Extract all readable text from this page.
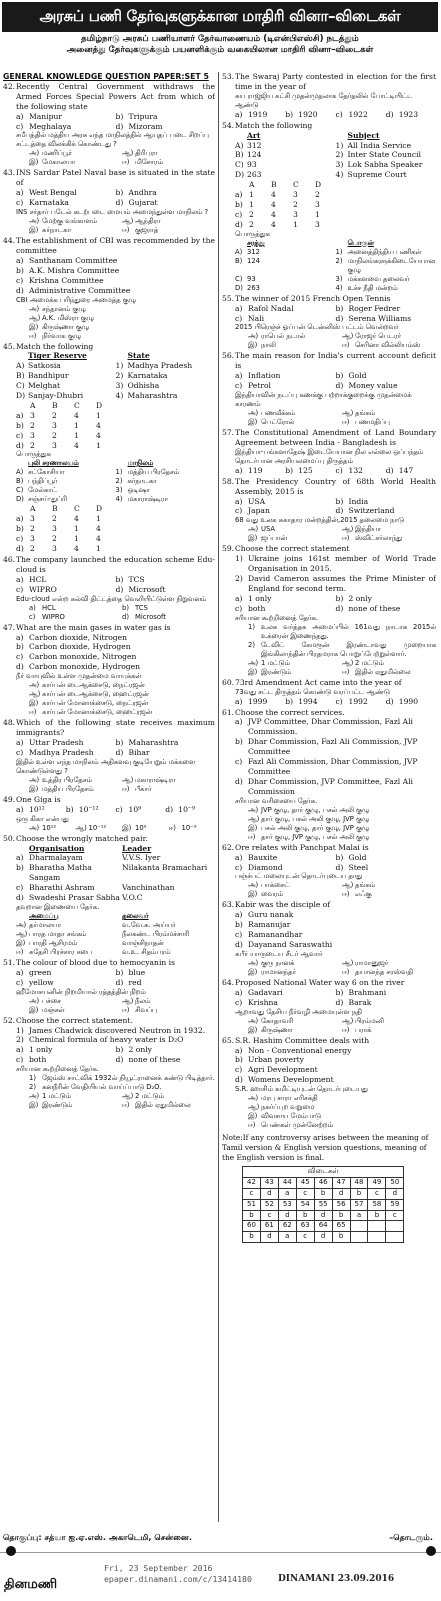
அரசுப் பணி தேர்வுகளுக்கான மாதிரி வினா–விடைகள்
தமிழ்நாடு அரசுப் பணியாளர் தேர்வாணையம் (டிஎன்பிஎஸ்சி) நடத்தும்
அனைத்து தேர்வுகளுக்கும் பயனளிக்கும் வகையிலான மாதிரி வினா–விடைகள்
GENERAL KNOWLEDGE QUESTION PAPER:SET 5
42. Recently Central Government withdraws the Armed Forces Special Powers Act from which of the following state
a) Manipur	b) Tripura
c) Meghalaya	d) Mizoram
சமீபத்தில் மத்திய அரசு எந்த மாநிலத்தில் ஆயுதப் படை சிறப்பு சட்டத்தை விலக்கிக் கொண்டது ?
அ) மணிப்பூர்	ஆ) திரிபுரா
இ) மேகாலயா	ஈ) மிசோரம்
43. INS Sardar Patel Naval base is situated in the state of
a) West Bengal	b) Andhra
c) Karnataka	d) Gujarat
INS சர்தார் படேல் கடற்படை மையம் அமைந்துள்ள மாநிலம் ?
அ) மேற்கு வங்காளம்	ஆ) ஆந்திரா
இ) கர்நாடகா	ஈ) குஜராத்
44. The establishment of CBI was recommended by the committee
a) Santhanam Committee
b) A.K. Mishra Committee
c) Krishna Committee
d) Administrative Committee
CBI அமைக்க பரிந்துரை அமைத்த குழு
அ) சந்தானம் குழு
ஆ) A.K. மிஸ்ரா குழு
இ) கிருஷ்ணா குழு
ஈ) நிர்வாக குழு
45. Match the following
Tiger Reserve	State
A) Satkosia	1) Madhya Pradesh
B) Bandhipur	2) Karnataka
C) Melghat	3) Odhisha
D) Sanjay-Dhubri	4) Maharashtra
A	B	C	D
a) 3	2	4	1
b) 2	3	1	4
c) 3	2	1	4
d) 2	3	4	1
பொருத்துக
புலி சரணாலயம்	மாநிலம்
A) சட்கோசியா	1) மத்திய பிரதேசம்
B) பந்திப்பூர்	2) கர்நாடகா
C) மேல்காட்	3) ஒடிஷா
D) சஞ்சய்-துப்ரி	4) மகாராஷ்டிரா
A	B	C	D
a) 3	2	4	1
b) 2	3	1	4
c) 3	2	1	4
d) 2	3	4	1
46. The company launched the education scheme Edu-cloud is
a) HCL	b) TCS
c) WIPRO	d) Microsoft
Edu-cloud என்ற கல்வி திட்டத்தை வெளியிட்டுள்ள நிறுவனம்
a) HCL	b) TCS
c) WIPRO	d) Microsoft
47. What are the main gases in water gas is
a) Carbon dioxide, Nitrogen
b) Carbon dioxide, Hydrogen
c) Carbon monoxide, Nitrogen
d) Carbon monoxide, Hydrogen
நீர் வாயுவில் உள்ள முதன்மை வாயுக்கள்
அ) கார்பன் டைஆக்சைடு, நைட்ரஜன்
ஆ) கார்பன் டைஆக்சைடு, ஹைட்ரஜன்
இ) கார்பன் மோனாக்சைடு, நைட்ரஜன்
ஈ) கார்பன் மோனாக்சைடு, ஹைட்ரஜன்
48. Which of the following state receives maximum immigrants?
a) Uttar Pradesh	b) Maharashtra
c) Madhya Pradesh	d) Bihar
இதில் உள்ள எந்த மாநிலம் அதிகளவு குடியேறும் மக்களை கொண்டுள்ளது ?
அ) உத்திர பிரதேசம்	ஆ) மகாராஷ்டிரா
இ) மத்திய பிரதேசம்	ஈ) பீகார்
49. One Giga is
a) 10¹²	b) 10⁻¹² c) 10⁹	d) 10⁻⁹
ஒரு கிகா என்பது
அ) 10¹²	ஆ) 10⁻¹² இ) 10⁹	ஈ) 10⁻⁹
50. Choose the wrongly matched pair.
Organisation	Leader
a) Dharmalayam	V.V.S. Iyer
b) Bharatha Matha Sangam
Nilakanta Bramachari
c) Bharathi Ashram	Vanchinathan
d) Swadeshi Prasar Sabha V.O.C
தவறான இணையை தேர்க.
அமைப்பு	தலைவர்
அ) தர்மாலயா	வ.வே.சு. அய்யர்
ஆ) பாரத மாதா சங்கம்	நீலகண்ட பிரம்மச்சாரி
இ) பாரதி ஆசிரமம்	வாஞ்சிநாதன்
ஈ) சுதேசி பிரச்சார சபை	வ.உ. சிதம்பரம்
51. The colour of blood due to hemocyanin is
a) green	b) blue
c) yellow	d) red
ஹீமோசயனின் நிறமியால் ரத்தத்தின் நிறம்
அ) பச்சை	ஆ) நீலம்
இ) மஞ்சள்	ஈ) சிவப்பு
52. Choose the correct statement.
1) James Chadwick discovered Neutron in 1932.
2) Chemical formula of heavy water is D₂O
a) 1 only	b) 2 only
c) both	d) none of these
சரியான கூற்றினைத் தேர்க.
1) ஜேம்ஸ் சாட்விக் 1932ல் நியூட்ரானைக் கண்டு பிடித்தார்.
2) கனநீரின் வேதியியல் வாய்ப்பாடு D₂O.
அ) 1 மட்டும்	ஆ) 2 மட்டும்
இ) இரண்டும்	ஈ) இதில் ஏதுமில்லை
53. The Swaraj Party contested in election for the first time in the year of
சுய ராஜ்ஜிய கட்சி முதன்முதலாக தேர்தலில் போட்டியிட்ட ஆண்டு
a) 1919 b) 1920 c) 1922 d) 1923
54. Match the following
Art	Subject
A) 312	1) All India Service
B) 124	2) Inter State Council
C) 93	3) Lok Sabha Speaker
D) 263	4) Supreme Court
A	B	C	D
a) 1	4	3	2
b) 1	4	2	3
c) 2	4	3	1
d) 2	4	1	3
பொருத்துக
சரத்து	பொருள்
A) 312	1) அனைத்திந்திய பணிகள்
B) 124	2) மாநிலங்களுக்கிடையேயான குழு
C) 93	3) மக்களவை தலைவர்
D) 263	4) உச்ச நீதி மன்றம்
55. The winner of 2015 French Open Tennis
a) Rafol Nadal	b) Roger Fedrer
c) Nali	d) Serena Williams
2015 பிரெஞ்ச் ஓப்பன் டென்னிஸ் பட்டம் வென்றவர்
அ) ராபெல் நடால்	ஆ) ரோஜர் பெடரர்
இ) நாலி	ஈ) செரினா வில்லியம்ஸ்
56. The main reason for India's current account deficit is
a) Inflation	b) Gold
c) Petrol	d) Money value
இந்தியாவின் நடப்பு கணக்கு பற்றாக்குறைக்கு முதன்மைக் காரணம்
அ) பணவீக்கம்	ஆ) தங்கம்
இ) பெட்ரோல்	ஈ) பணமதிப்பு
57. The Constitutional Amendment of Land Boundary Agreement between India - Bangladesh is
இந்தியா-பங்களாதேஷ் இடையேயான நில எல்லை ஒப்பந்தம் தொடர்பான அரசியலமைப்பு திருத்தம்
a) 119	b) 125	c) 132	d) 147
58. The Presidency Country of 68th World Health Assembly, 2015 is
a) USA	b) India
c) Japan	d) Switzerland
68 வது உலக சுகாதார மன்றத்தின்,2015 தலைமை நாடு
அ) USA	ஆ) இந்தியா
இ) ஜப்பான்	ஈ) ஸ்விட்சர்லாந்து
59. Choose the correct statement
1) Ukraine joins 161st member of World Trade Organisation in 2015.
2) David Cameron assumes the Prime Minister of England for second term.
a) 1 only	b) 2 only
c) both	d) none of these
சரியான கூற்றினைத் தேர்க.
1) உலக வர்த்தக அமைப்பில் 161வது நாடாக 2015ல் உக்ரைன் இணைந்தது.
2) டேவிட் கேமரூன் இரண்டாவது முறையாக இங்கிலாந்தின் பிரதமராக பொறுப்பேற்றுள்ளார்.
அ) 1 மட்டும்	ஆ) 2 மட்டும்
இ) இரண்டும்	ஈ) இதில் ஏதுமில்லை
60. 73rd Amendment Act came into the year of
73வது சட்ட திருத்தம் கொண்டு வரப்பட்ட ஆண்டு
a) 1999 b) 1994 c) 1992 d) 1990
61. Choose the correct services.
a) JVP Committee, Dhar Commission, Fazl Ali Commission.
b) Dhar Commission, Fazl Ali Commission, JVP Committee
c) Fazl Ali Commission, Dhar Commission, JVP Committee
d) Dhar Commission, JVP Committee, Fazl Ali Commission
சரியான வரிசையை தேர்க.
அ) JVP குழு, தார் குழு, பசல் அலி குழு
ஆ) தார் குழு, பசல் அலி குழு, JVP குழு
இ) பசல் அலி குழு, தார் குழு, JVP குழு
ஈ) தார் குழு, JVP குழு, பசல் அலி குழு
62. Ore relates with Panchpat Malai is
a) Bauxite	b) Gold
c) Diamond	d) Steel
பஞ்ச்பட் மலையுடன் தொடர்புடைய தாது
அ) பாக்சைட்	ஆ) தங்கம்
இ) வைரம்	ஈ) எஃகு
63. Kabir was the disciple of
a) Guru nanak
b) Ramanujar
c) Ramanandhar
d) Dayanand Saraswathi
கபீர் யாருடைய சீடர் ஆவார்
அ) குரு நானக்	ஆ) ராமானுஜர்
இ) ராமானந்தர்	ஈ) தயானந்த சரஸ்வதி
64. Proposed National Water way 6 on the river
a) Gadavari	b) Brahmani
c) Krishna	d) Barak
ஆறாவது தேசிய நீர்வழி அமையுள்ள நதி
அ) கோதாவரி	ஆ) பிரம்மனி
இ) கிருஷ்ணா	ஈ) பராக்
65. S.R. Hashim Committee deals with
a) Non - Conventional energy
b) Urban poverty
c) Agri Development
d) Womens Development
S.R. ஹாசிம் கமிட்டியுடன் தொடர்புடையது
அ) மரபு சாரா எரிசக்தி
ஆ) நகர்ப்புற வறுமை
இ) விவசாய மேம்பாடு
ஈ) பெண்கள் முன்னேற்றம்
Note:If any controversy arises between the meaning of Tamil version & English version questions, meaning of the English version is final.
விடைகள்								
42	43	44	45	46	47	48	49	50
c	d	a	c	b	d	b	c	d
51	52	53	54	55	56	57	58	59
b	c	d	b	d	b	a	b	c
60	61	62	63	64	65			
b	d	a	c	d	b			
தொகுப்பு: சத்யா ஐ.ஏ.எஸ். அகாடெமி, சென்னை.	–தொடரும்.
தினமணி
Fri, 23 September 2016
epaper.dinamani.com/c/13414180	DINAMANI 23.09.2016
